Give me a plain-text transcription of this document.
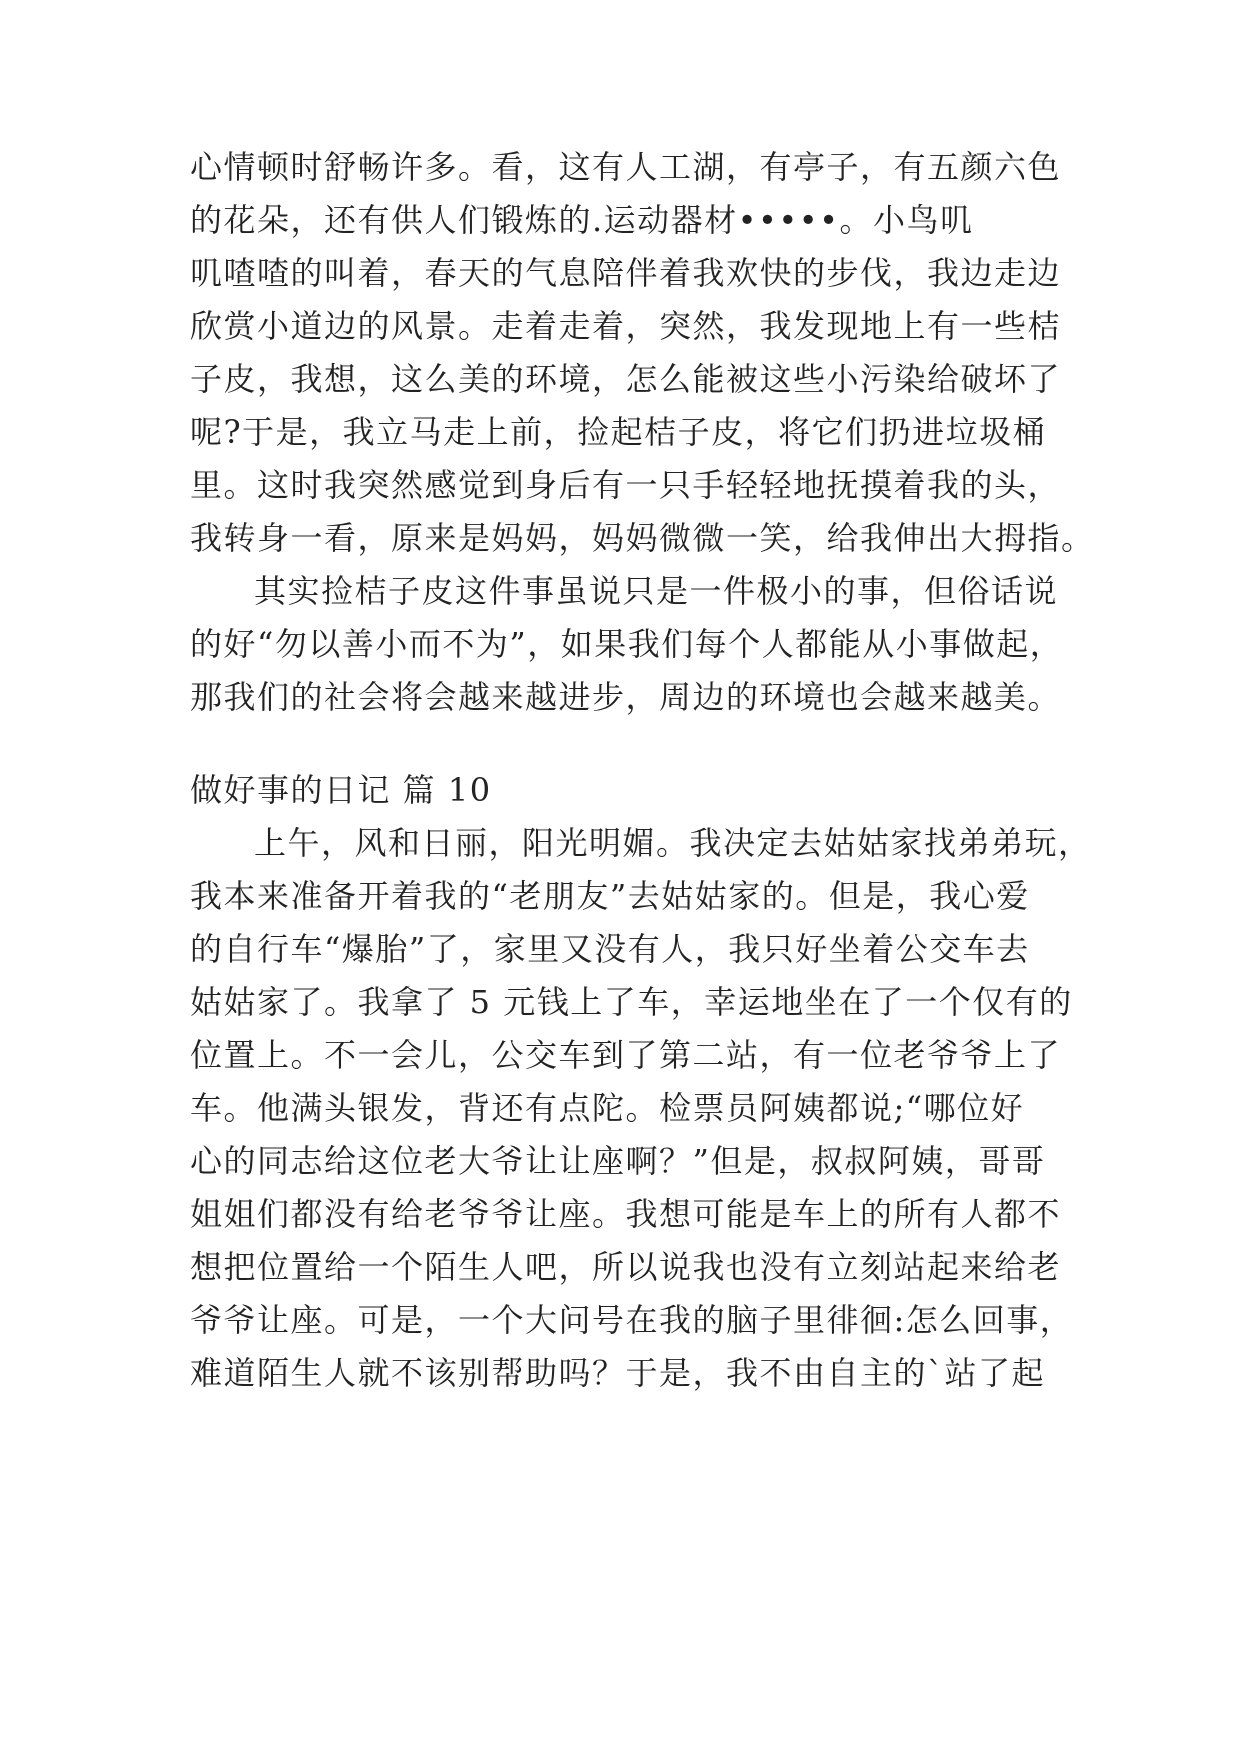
心情顿时舒畅许多。看，这有人工湖，有亭子，有五颜六色
的花朵，还有供人们锻炼的.运动器材•••••。小鸟叽
叽喳喳的叫着，春天的气息陪伴着我欢快的步伐，我边走边
欣赏小道边的风景。走着走着，突然，我发现地上有一些桔
子皮，我想，这么美的环境，怎么能被这些小污染给破坏了
呢?于是，我立马走上前，捡起桔子皮，将它们扔进垃圾桶
里。这时我突然感觉到身后有一只手轻轻地抚摸着我的头，
我转身一看，原来是妈妈，妈妈微微一笑，给我伸出大拇指。
其实捡桔子皮这件事虽说只是一件极小的事，但俗话说
的好“勿以善小而不为”，如果我们每个人都能从小事做起，
那我们的社会将会越来越进步，周边的环境也会越来越美。
做好事的日记 篇 10
上午，风和日丽，阳光明媚。我决定去姑姑家找弟弟玩，
我本来准备开着我的“老朋友”去姑姑家的。但是，我心爱
的自行车“爆胎”了，家里又没有人，我只好坐着公交车去
姑姑家了。我拿了 5 元钱上了车，幸运地坐在了一个仅有的
位置上。不一会儿，公交车到了第二站，有一位老爷爷上了
车。他满头银发，背还有点陀。检票员阿姨都说;“哪位好
心的同志给这位老大爷让让座啊？”但是，叔叔阿姨，哥哥
姐姐们都没有给老爷爷让座。我想可能是车上的所有人都不
想把位置给一个陌生人吧，所以说我也没有立刻站起来给老
爷爷让座。可是，一个大问号在我的脑子里徘徊:怎么回事，
难道陌生人就不该别帮助吗？于是，我不由自主的`站了起
